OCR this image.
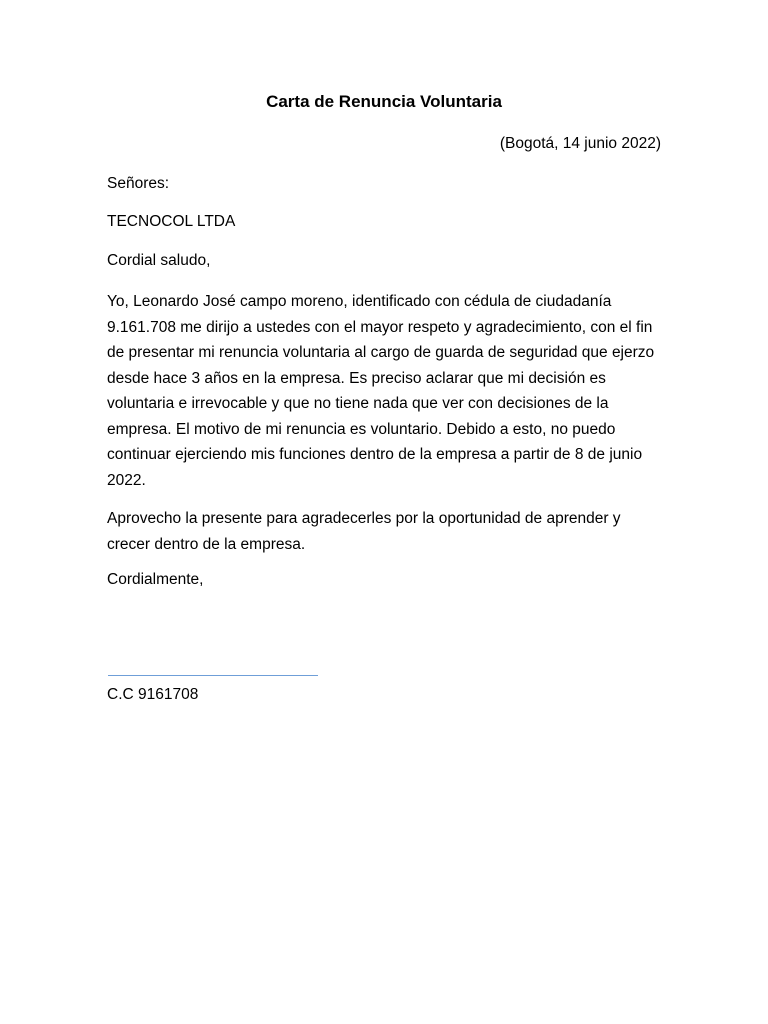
Carta de Renuncia Voluntaria

(Bogotá, 14 junio 2022)

Señores:

TECNOCOL LTDA

Cordial saludo,

Yo, Leonardo José campo moreno, identificado con cédula de ciudadanía 9.161.708 me dirijo a ustedes con el mayor respeto y agradecimiento, con el fin de presentar mi renuncia voluntaria al cargo de guarda de seguridad que ejerzo desde hace 3 años en la empresa. Es preciso aclarar que mi decisión es voluntaria e irrevocable y que no tiene nada que ver con decisiones de la empresa. El motivo de mi renuncia es voluntario. Debido a esto, no puedo continuar ejerciendo mis funciones dentro de la empresa a partir de 8 de junio 2022.

Aprovecho la presente para agradecerles por la oportunidad de aprender y crecer dentro de la empresa.

Cordialmente,

C.C 9161708
